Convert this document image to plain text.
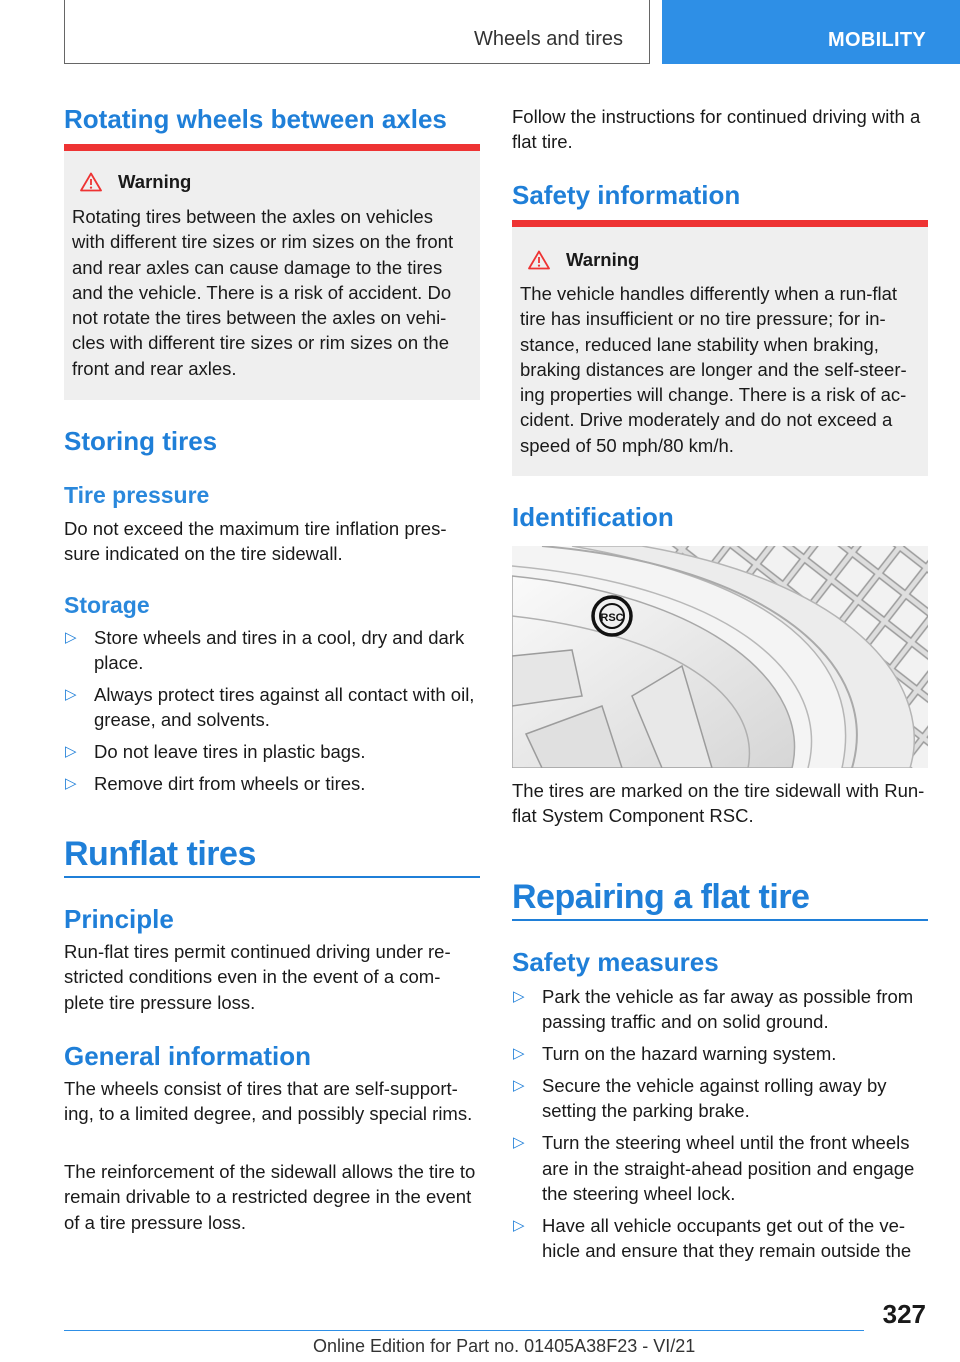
Wheels and tires	MOBILITY
Rotating wheels between axles
Warning
Rotating tires between the axles on vehicles with different tire sizes or rim sizes on the front and rear axles can cause damage to the tires and the vehicle. There is a risk of accident. Do not rotate the tires between the axles on vehi-cles with different tire sizes or rim sizes on the front and rear axles.
Storing tires
Tire pressure

Do not exceed the maximum tire inflation pres-sure indicated on the tire sidewall.

Storage
▷ Store wheels and tires in a cool, dry and dark place.
▷ Always protect tires against all contact with oil, grease, and solvents.
▷ Do not leave tires in plastic bags.
▷ Remove dirt from wheels or tires.
Runflat tires
Principle

Run-flat tires permit continued driving under re-stricted conditions even in the event of a com-plete tire pressure loss.

General information

The wheels consist of tires that are self-support-ing, to a limited degree, and possibly special rims.

The reinforcement of the sidewall allows the tire to remain drivable to a restricted degree in the event of a tire pressure loss.

Follow the instructions for continued driving with a flat tire.

Safety information
Warning
The vehicle handles differently when a run-flat tire has insufficient or no tire pressure; for in-stance, reduced lane stability when braking, braking distances are longer and the self-steer-ing properties will change. There is a risk of ac-cident. Drive moderately and do not exceed a speed of 50 mph/80 km/h.
Identification
RSC

The tires are marked on the tire sidewall with Run-flat System Component RSC.

Repairing a flat tire
Safety measures
▷ Park the vehicle as far away as possible from passing traffic and on solid ground.
▷ Turn on the hazard warning system.
▷ Secure the vehicle against rolling away by setting the parking brake.
▷ Turn the steering wheel until the front wheels are in the straight-ahead position and engage the steering wheel lock.
▷ Have all vehicle occupants get out of the ve-hicle and ensure that they remain outside the
327
Online Edition for Part no. 01405A38F23 - VI/21
